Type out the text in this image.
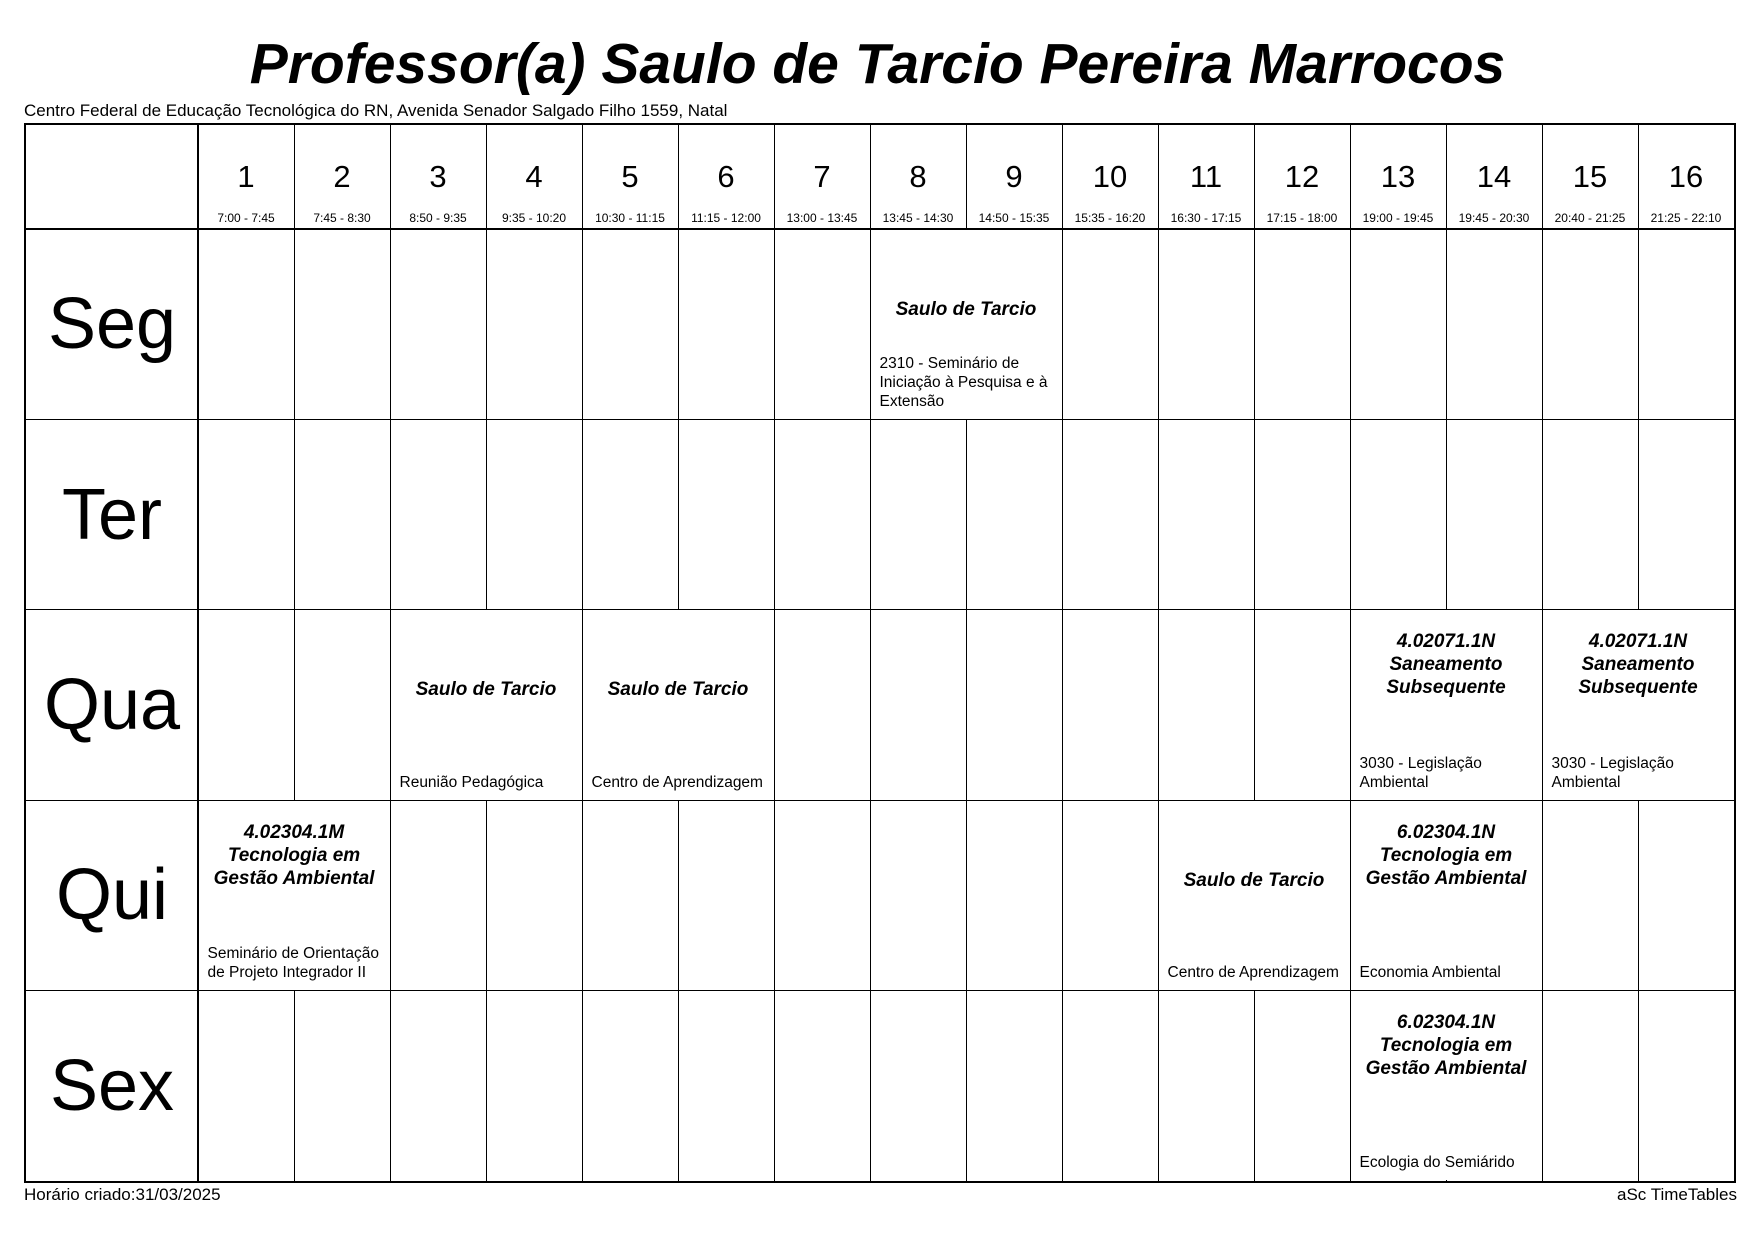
Professor(a) Saulo de Tarcio Pereira Marrocos
Centro Federal de Educação Tecnológica do RN, Avenida Senador Salgado Filho 1559, Natal
1
7:00 - 7:45
2
7:45 - 8:30
3
8:50 - 9:35
4
9:35 - 10:20
5
10:30 - 11:15
6
11:15 - 12:00
7
13:00 - 13:45
8
13:45 - 14:30
9
14:50 - 15:35
10
15:35 - 16:20
11
16:30 - 17:15
12
17:15 - 18:00
13
19:00 - 19:45
14
19:45 - 20:30
15
20:40 - 21:25
16
21:25 - 22:10
Seg
Ter
Qua
Qui
Sex
Saulo de Tarcio
2310 - Seminário de Iniciação à Pesquisa e à Extensão
Saulo de Tarcio
Reunião Pedagógica
Saulo de Tarcio
Centro de Aprendizagem
4.02071.1N Saneamento Subsequente
3030 - Legislação Ambiental
4.02071.1N Saneamento Subsequente
3030 - Legislação Ambiental
4.02304.1M Tecnologia em Gestão Ambiental
Seminário de Orientação de Projeto Integrador II
Saulo de Tarcio
Centro de Aprendizagem
6.02304.1N Tecnologia em Gestão Ambiental
Economia Ambiental
6.02304.1N Tecnologia em Gestão Ambiental
Ecologia do Semiárido
Horário criado:31/03/2025	aSc TimeTables
